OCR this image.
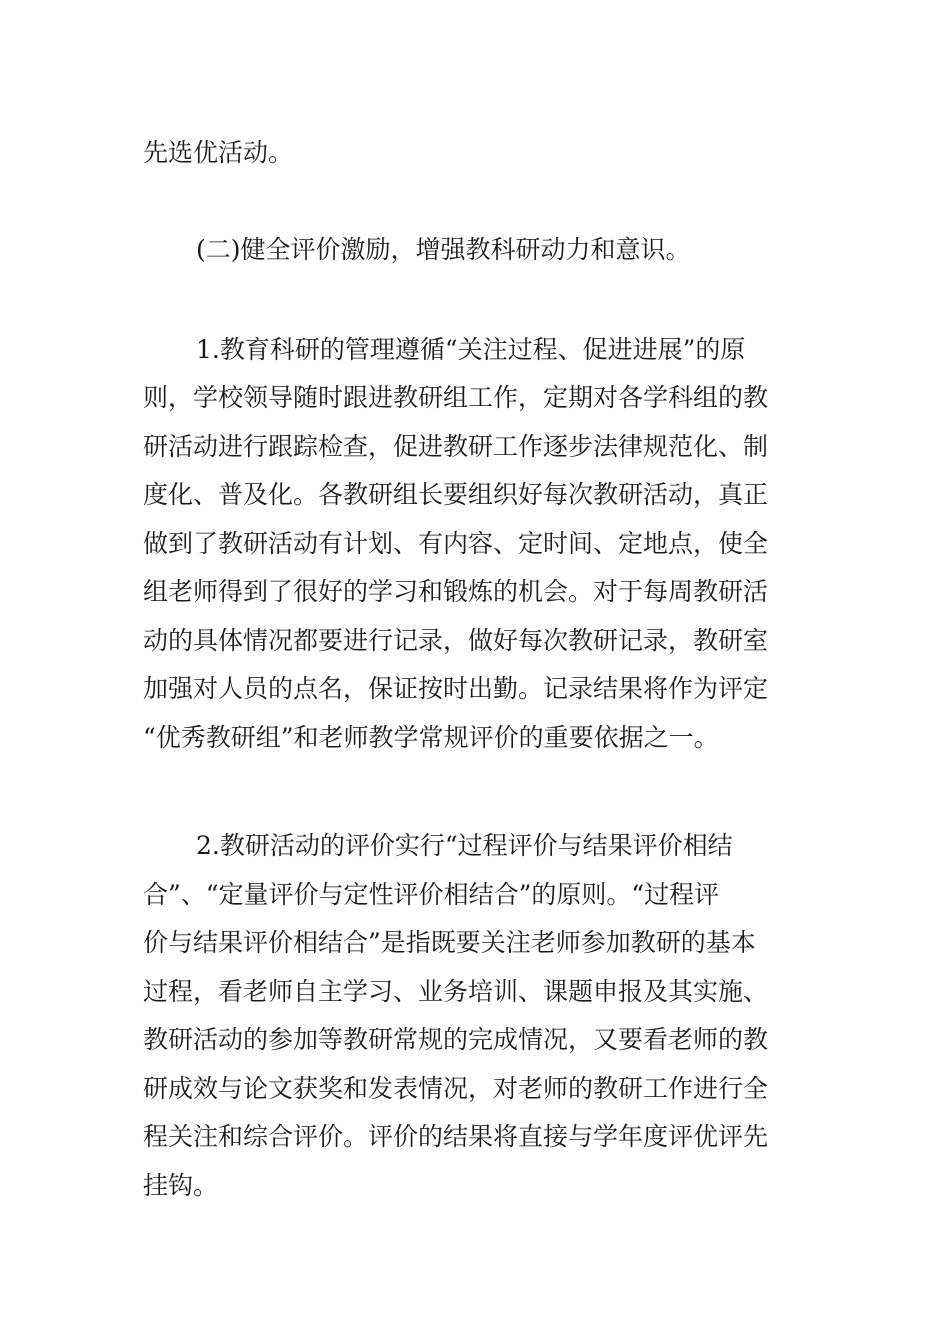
先选优活动。
(二)健全评价激励，增强教科研动力和意识。
1.教育科研的管理遵循“关注过程、促进进展”的原
则，学校领导随时跟进教研组工作，定期对各学科组的教
研活动进行跟踪检查，促进教研工作逐步法律规范化、制
度化、普及化。各教研组长要组织好每次教研活动，真正
做到了教研活动有计划、有内容、定时间、定地点，使全
组老师得到了很好的学习和锻炼的机会。对于每周教研活
动的具体情况都要进行记录，做好每次教研记录，教研室
加强对人员的点名，保证按时出勤。记录结果将作为评定
“优秀教研组”和老师教学常规评价的重要依据之一。
2.教研活动的评价实行“过程评价与结果评价相结
合”、“定量评价与定性评价相结合”的原则。“过程评
价与结果评价相结合”是指既要关注老师参加教研的基本
过程，看老师自主学习、业务培训、课题申报及其实施、
教研活动的参加等教研常规的完成情况，又要看老师的教
研成效与论文获奖和发表情况，对老师的教研工作进行全
程关注和综合评价。评价的结果将直接与学年度评优评先
挂钩。
